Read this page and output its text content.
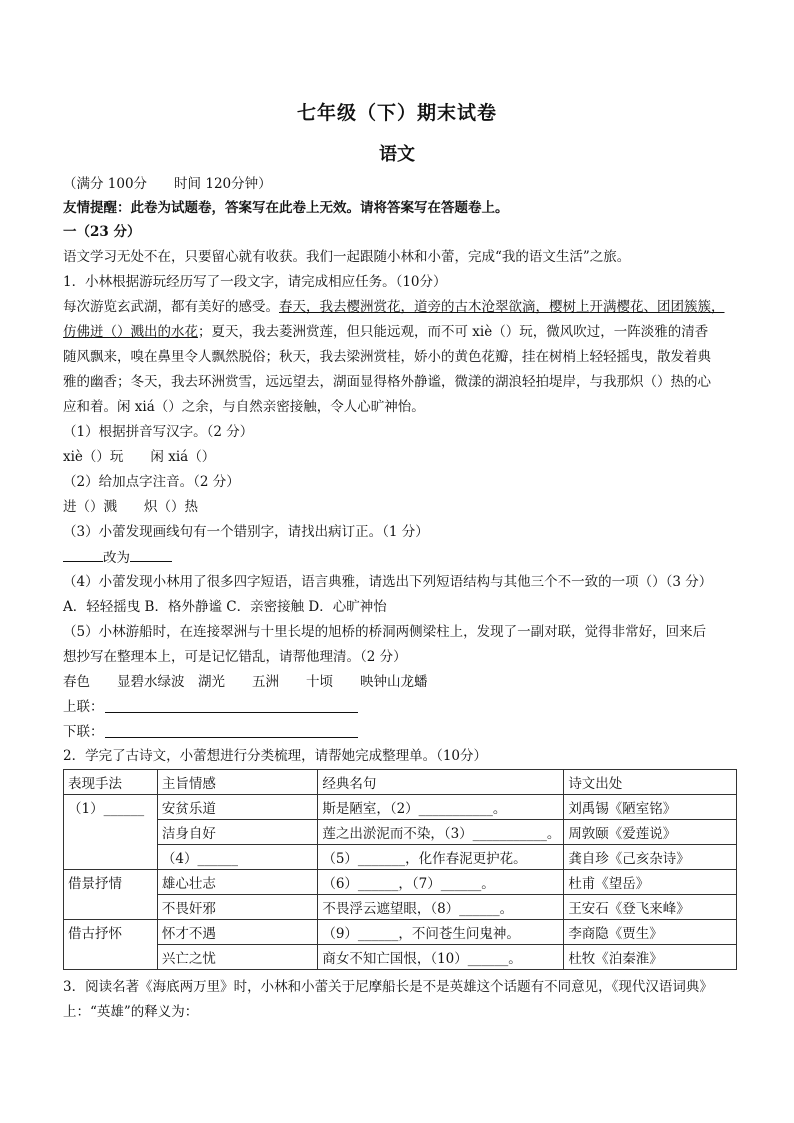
七年级（下）期末试卷
语文
（满分 100分　　时间 120分钟）
友情提醒：此卷为试题卷，答案写在此卷上无效。请将答案写在答题卷上。
一（23 分）
语文学习无处不在，只要留心就有收获。我们一起跟随小林和小蕾，完成“我的语文生活”之旅。
1．小林根据游玩经历写了一段文字，请完成相应任务。（10分）
每次游览玄武湖，都有美好的感受。春天，我去樱洲赏花，道旁的古木沧翠欲滴，樱树上开满樱花、团团簇簇，
仿佛迸（）溅出的水花；夏天，我去菱洲赏莲，但只能远观，而不可 xiè（）玩，微风吹过，一阵淡雅的清香
随风飘来，嗅在鼻里令人飘然脱俗；秋天，我去梁洲赏桂，娇小的黄色花瓣，挂在树梢上轻轻摇曳，散发着典
雅的幽香；冬天，我去环洲赏雪，远远望去，湖面显得格外静谧，微漾的湖浪轻拍堤岸，与我那炽（）热的心
应和着。闲 xiá（）之余，与自然亲密接触，令人心旷神怡。
（1）根据拼音写汉字。（2 分）
xiè（）玩　　闲 xiá（）
（2）给加点字注音。（2 分）
进（）溅　　炽（）热
（3）小蕾发现画线句有一个错别字，请找出病订正。（1 分）
改为
（4）小蕾发现小林用了很多四字短语，语言典雅，请选出下列短语结构与其他三个不一致的一项（）（3 分）
A．轻轻摇曳 B．格外静谧 C．亲密接触 D．心旷神怡
（5）小林游船时，在连接翠洲与十里长堤的旭桥的桥洞两侧梁柱上，发现了一副对联，觉得非常好，回来后
想抄写在整理本上，可是记忆错乱，请帮他理清。（2 分）
春色　　显碧水绿波　湖光　　五洲　　十顷　　映钟山龙蟠
上联：
下联：
2．学完了古诗文，小蕾想进行分类梳理，请帮她完成整理单。（10分）
表现手法	主旨情感	经典名句	诗文出处
（1）______	安贫乐道	斯是陋室，（2）___________。	刘禹锡《陋室铭》
	洁身自好	莲之出淤泥而不染，（3）___________。	周敦颐《爱莲说》
	（4）______	（5）_______，化作春泥更护花。	龚自珍《己亥杂诗》
借景抒情	雄心壮志	（6）______，（7）______。	杜甫《望岳》
	不畏奸邪	不畏浮云遮望眼，（8）______。	王安石《登飞来峰》
借古抒怀	怀才不遇	（9）______，不问苍生问鬼神。	李商隐《贾生》
	兴亡之忧	商女不知亡国恨，（10）______。	杜牧《泊秦淮》
3．阅读名著《海底两万里》时，小林和小蕾关于尼摩船长是不是英雄这个话题有不同意见，《现代汉语词典》
上：“英雄”的释义为：
